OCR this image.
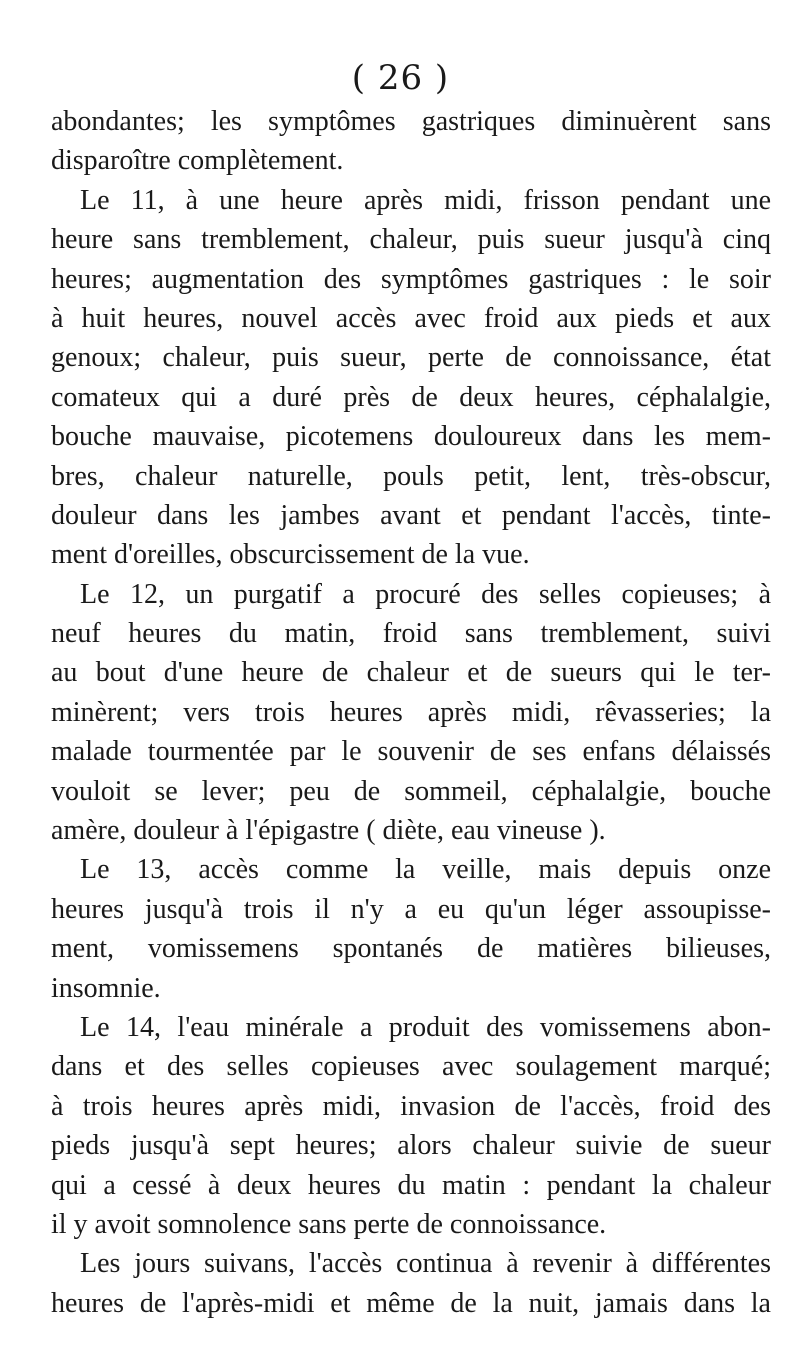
( 26 )
abondantes; les symptômes gastriques diminuèrent sans
disparoître complètement.
Le 11, à une heure après midi, frisson pendant une
heure sans tremblement, chaleur, puis sueur jusqu'à cinq
heures; augmentation des symptômes gastriques : le soir
à huit heures, nouvel accès avec froid aux pieds et aux
genoux; chaleur, puis sueur, perte de connoissance, état
comateux qui a duré près de deux heures, céphalalgie,
bouche mauvaise, picotemens douloureux dans les mem-
bres, chaleur naturelle, pouls petit, lent, très-obscur,
douleur dans les jambes avant et pendant l'accès, tinte-
ment d'oreilles, obscurcissement de la vue.
Le 12, un purgatif a procuré des selles copieuses; à
neuf heures du matin, froid sans tremblement, suivi
au bout d'une heure de chaleur et de sueurs qui le ter-
minèrent; vers trois heures après midi, rêvasseries; la
malade tourmentée par le souvenir de ses enfans délaissés
vouloit se lever; peu de sommeil, céphalalgie, bouche
amère, douleur à l'épigastre ( diète, eau vineuse ).
Le 13, accès comme la veille, mais depuis onze
heures jusqu'à trois il n'y a eu qu'un léger assoupisse-
ment, vomissemens spontanés de matières bilieuses,
insomnie.
Le 14, l'eau minérale a produit des vomissemens abon-
dans et des selles copieuses avec soulagement marqué;
à trois heures après midi, invasion de l'accès, froid des
pieds jusqu'à sept heures; alors chaleur suivie de sueur
qui a cessé à deux heures du matin : pendant la chaleur
il y avoit somnolence sans perte de connoissance.
Les jours suivans, l'accès continua à revenir à différentes
heures de l'après-midi et même de la nuit, jamais dans la
